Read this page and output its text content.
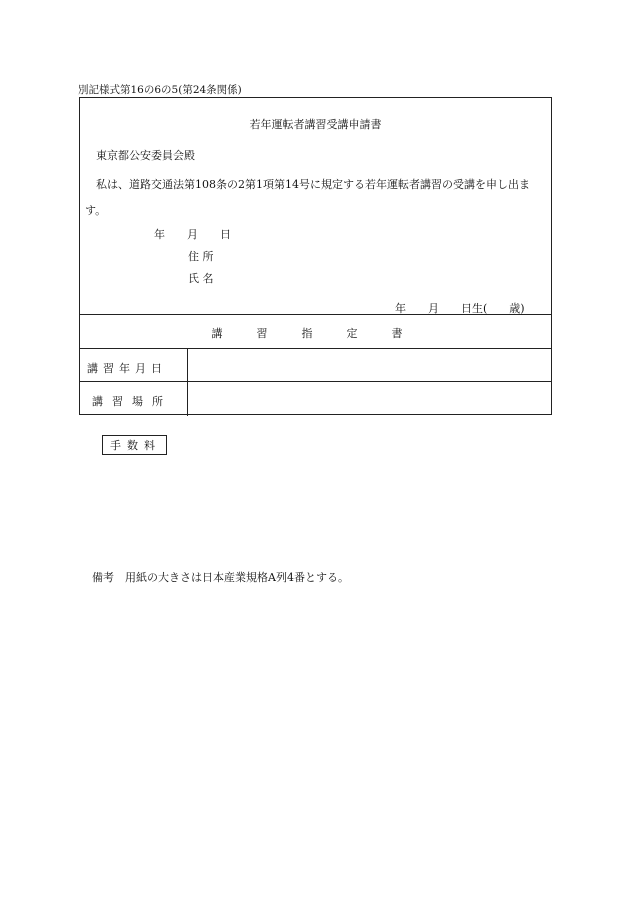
別記様式第16の6の5(第24条関係)
若年運転者講習受講申請書
東京都公安委員会殿
私は、道路交通法第108条の2第1項第14号に規定する若年運転者講習の受講を申し出ま
す。
年　　月　　日
住 所
氏 名
年　　月　　日生(　　歳)
講習指定書
講習年月日
講習場所
手数料
備考　用紙の大きさは日本産業規格A列4番とする。
